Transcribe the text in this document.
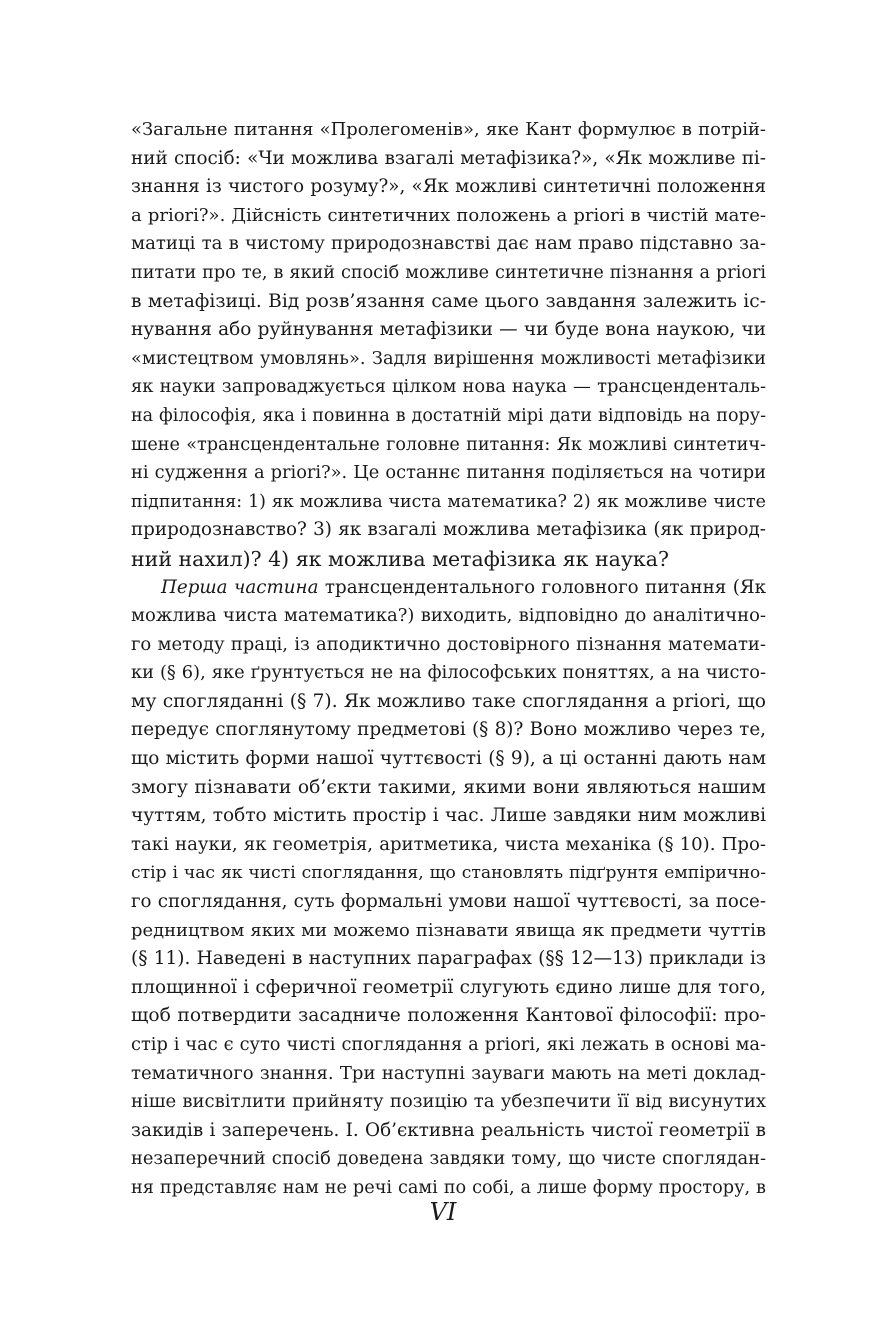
«Загальне питання «Пролегоменів», яке Кант формулює в потрій-
ний спосіб: «Чи можлива взагалі метафізика?», «Як можливе пі-
знання із чистого розуму?», «Як можливі синтетичні положення
a priori?». Дійсність синтетичних положень a priori в чистій мате-
матиці та в чистому природознавстві дає нам право підставно за-
питати про те, в який спосіб можливе синтетичне пізнання a priori
в метафізиці. Від розв’язання саме цього завдання залежить іс-
нування або руйнування метафізики — чи буде вона наукою, чи
«мистецтвом умовлянь». Задля вирішення можливості метафізики
як науки запроваджується цілком нова наука — трансценденталь-
на філософія, яка і повинна в достатній мірі дати відповідь на пору-
шене «трансцендентальне головне питання: Як можливі синтетич-
ні судження a priori?». Це останнє питання поділяється на чотири
підпитання: 1) як можлива чиста математика? 2) як можливе чисте
природознавство? 3) як взагалі можлива метафізика (як природ-
ний нахил)? 4) як можлива метафізика як наука?
Перша частина трансцендентального головного питання (Як
можлива чиста математика?) виходить, відповідно до аналітично-
го методу праці, із аподиктично достовірного пізнання математи-
ки (§ 6), яке ґрунтується не на філософських поняттях, а на чисто-
му спогляданні (§ 7). Як можливо таке споглядання a priori, що
передує споглянутому предметові (§ 8)? Воно можливо через те,
що містить форми нашої чуттєвості (§ 9), а ці останні дають нам
змогу пізнавати об’єкти такими, якими вони являються нашим
чуттям, тобто містить простір і час. Лише завдяки ним можливі
такі науки, як геометрія, аритметика, чиста механіка (§ 10). Про-
стір і час як чисті споглядання, що становлять підґрунтя емпірично-
го споглядання, суть формальні умови нашої чуттєвості, за посе-
редництвом яких ми можемо пізнавати явища як предмети чуттів
(§ 11). Наведені в наступних параграфах (§§ 12—13) приклади із
площинної і сферичної геометрії слугують єдино лише для того,
щоб потвердити засадниче положення Кантової філософії: про-
стір і час є суто чисті споглядання a priori, які лежать в основі ма-
тематичного знання. Три наступні зауваги мають на меті доклад-
ніше висвітлити прийняту позицію та убезпечити її від висунутих
закидів і заперечень. I. Об’єктивна реальність чистої геометрії в
незаперечний спосіб доведена завдяки тому, що чисте споглядан-
ня представляє нам не речі самі по собі, а лише форму простору, в
VI
